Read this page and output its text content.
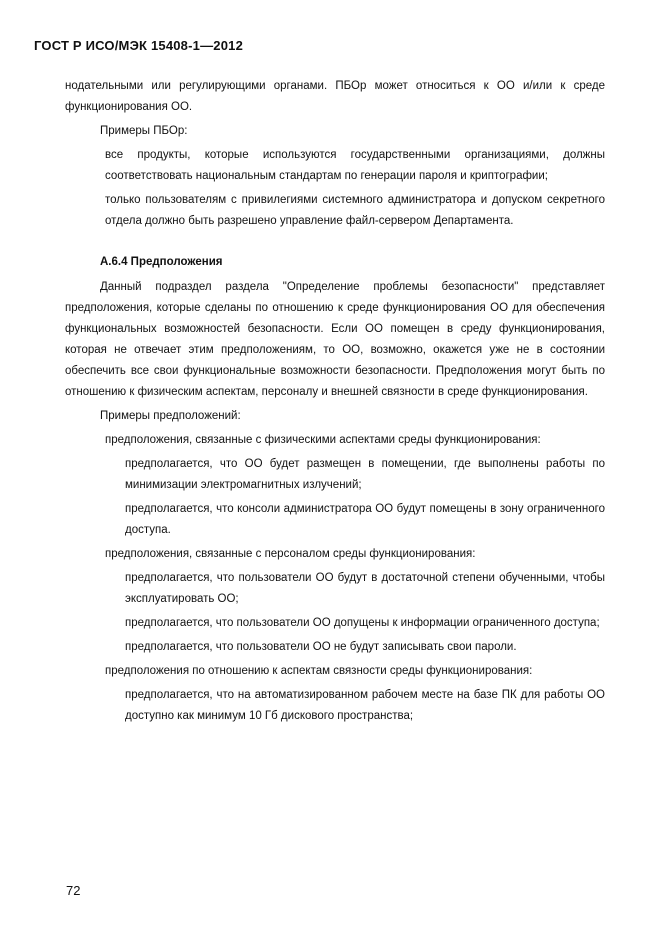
ГОСТ Р ИСО/МЭК 15408-1—2012

нодательными или регулирующими органами. ПБОр может относиться к ОО и/или к среде функционирования ОО.

Примеры ПБОр:

все продукты, которые используются государственными организациями, должны соответствовать национальным стандартам по генерации пароля и криптографии;

только пользователям с привилегиями системного администратора и допуском секретного отдела должно быть разрешено управление файл-сервером Департамента.

А.6.4 Предположения

Данный подраздел раздела "Определение проблемы безопасности" представляет предположения, которые сделаны по отношению к среде функционирования ОО для обеспечения функциональных возможностей безопасности. Если ОО помещен в среду функционирования, которая не отвечает этим предположениям, то ОО, возможно, окажется уже не в состоянии обеспечить все свои функциональные возможности безопасности. Предположения могут быть по отношению к физическим аспектам, персоналу и внешней связности в среде функционирования.

Примеры предположений:

предположения, связанные с физическими аспектами среды функционирования:

предполагается, что ОО будет размещен в помещении, где выполнены работы по минимизации электромагнитных излучений;

предполагается, что консоли администратора ОО будут помещены в зону ограниченного доступа.

предположения, связанные с персоналом среды функционирования:

предполагается, что пользователи ОО будут в достаточной степени обученными, чтобы эксплуатировать ОО;

предполагается, что пользователи ОО допущены к информации ограниченного доступа;

предполагается, что пользователи ОО не будут записывать свои пароли.

предположения по отношению к аспектам связности среды функционирования:

предполагается, что на автоматизированном рабочем месте на базе ПК для работы ОО доступно как минимум 10 Гб дискового пространства;

72
